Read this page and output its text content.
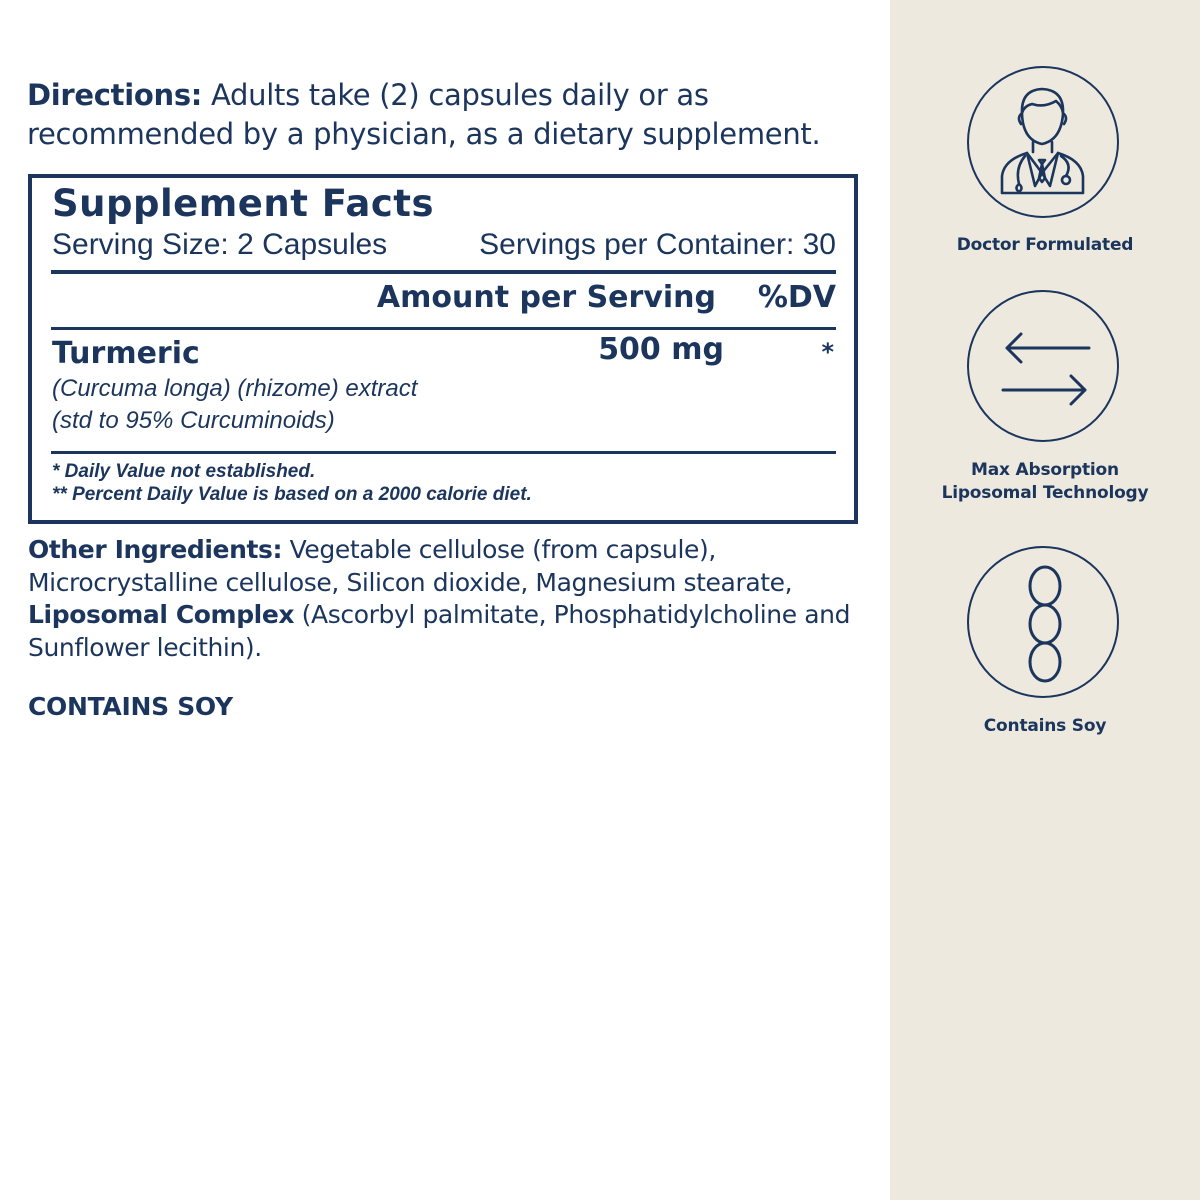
Directions: Adults take (2) capsules daily or as recommended by a physician, as a dietary supplement.
Supplement Facts
Serving Size: 2 Capsules	Servings per Container: 30
Amount per Serving %DV
Turmeric	500 mg	*
(Curcuma longa) (rhizome) extract
(std to 95% Curcuminoids)
* Daily Value not established.
** Percent Daily Value is based on a 2000 calorie diet.
Other Ingredients: Vegetable cellulose (from capsule), Microcrystalline cellulose, Silicon dioxide, Magnesium stearate, Liposomal Complex (Ascorbyl palmitate, Phosphatidylcholine and Sunflower lecithin).
CONTAINS SOY
Doctor Formulated
Max Absorption
Liposomal Technology
Contains Soy
